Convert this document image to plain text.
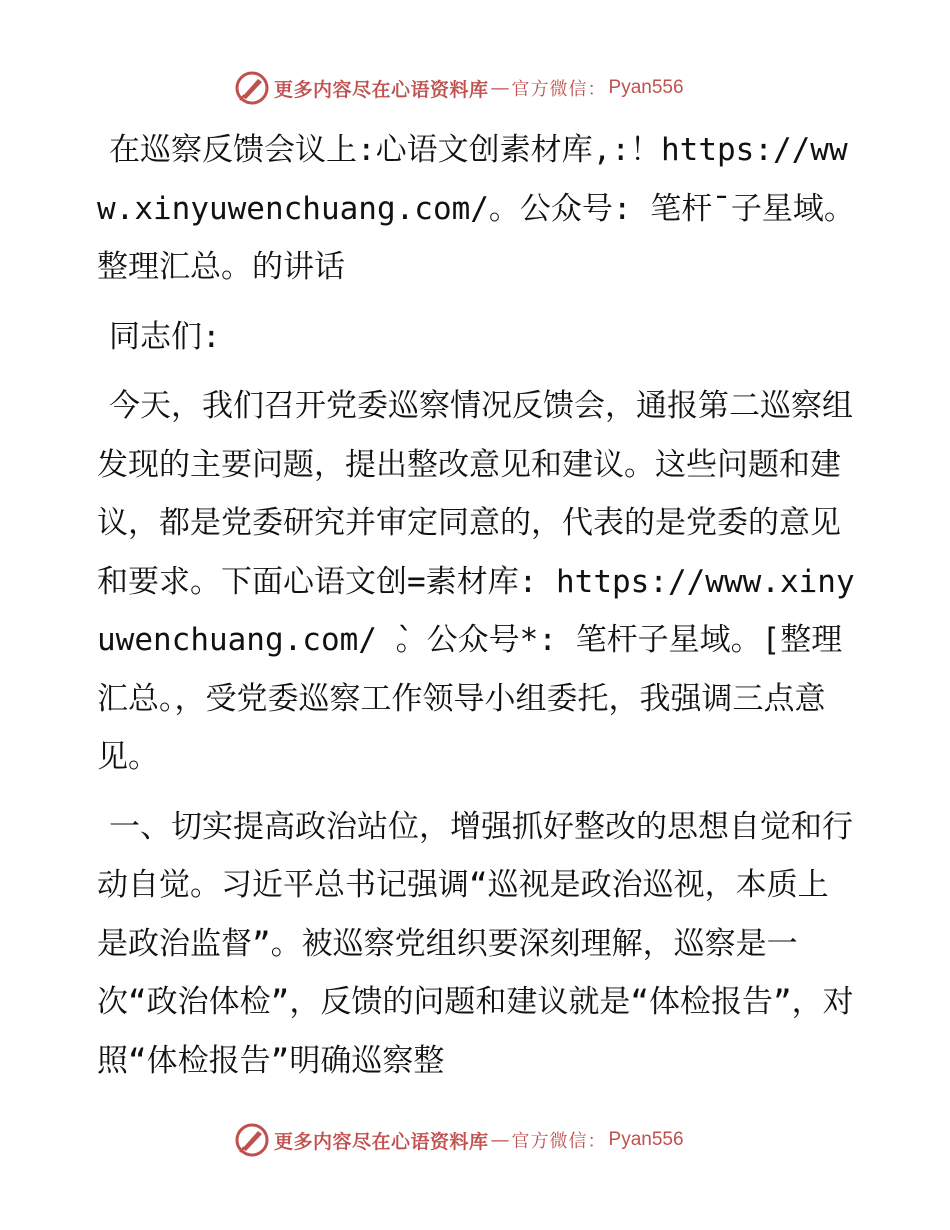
更多内容尽在心语资料库 — 官方微信： Pyan556

在巡察反馈会议上:心语文创素材库,:！https://www.xinyuwenchuang.com/。公众号: 笔杆¯子星域。整理汇总。的讲话

同志们:

今天，我们召开党委巡察情况反馈会，通报第二巡察组发现的主要问题，提出整改意见和建议。这些问题和建议，都是党委研究并审定同意的，代表的是党委的意见和要求。下面心语文创=素材库: https://www.xinyuwenchuang.com/ ̀。公众号*: 笔杆子星域。[整理汇总。，受党委巡察工作领导小组委托，我强调三点意见。

一、切实提高政治站位，增强抓好整改的思想自觉和行动自觉。习近平总书记强调“巡视是政治巡视，本质上是政治监督”。被巡察党组织要深刻理解，巡察是一次“政治体检”，反馈的问题和建议就是“体检报告”，对照“体检报告”明确巡察整

更多内容尽在心语资料库 — 官方微信： Pyan556
